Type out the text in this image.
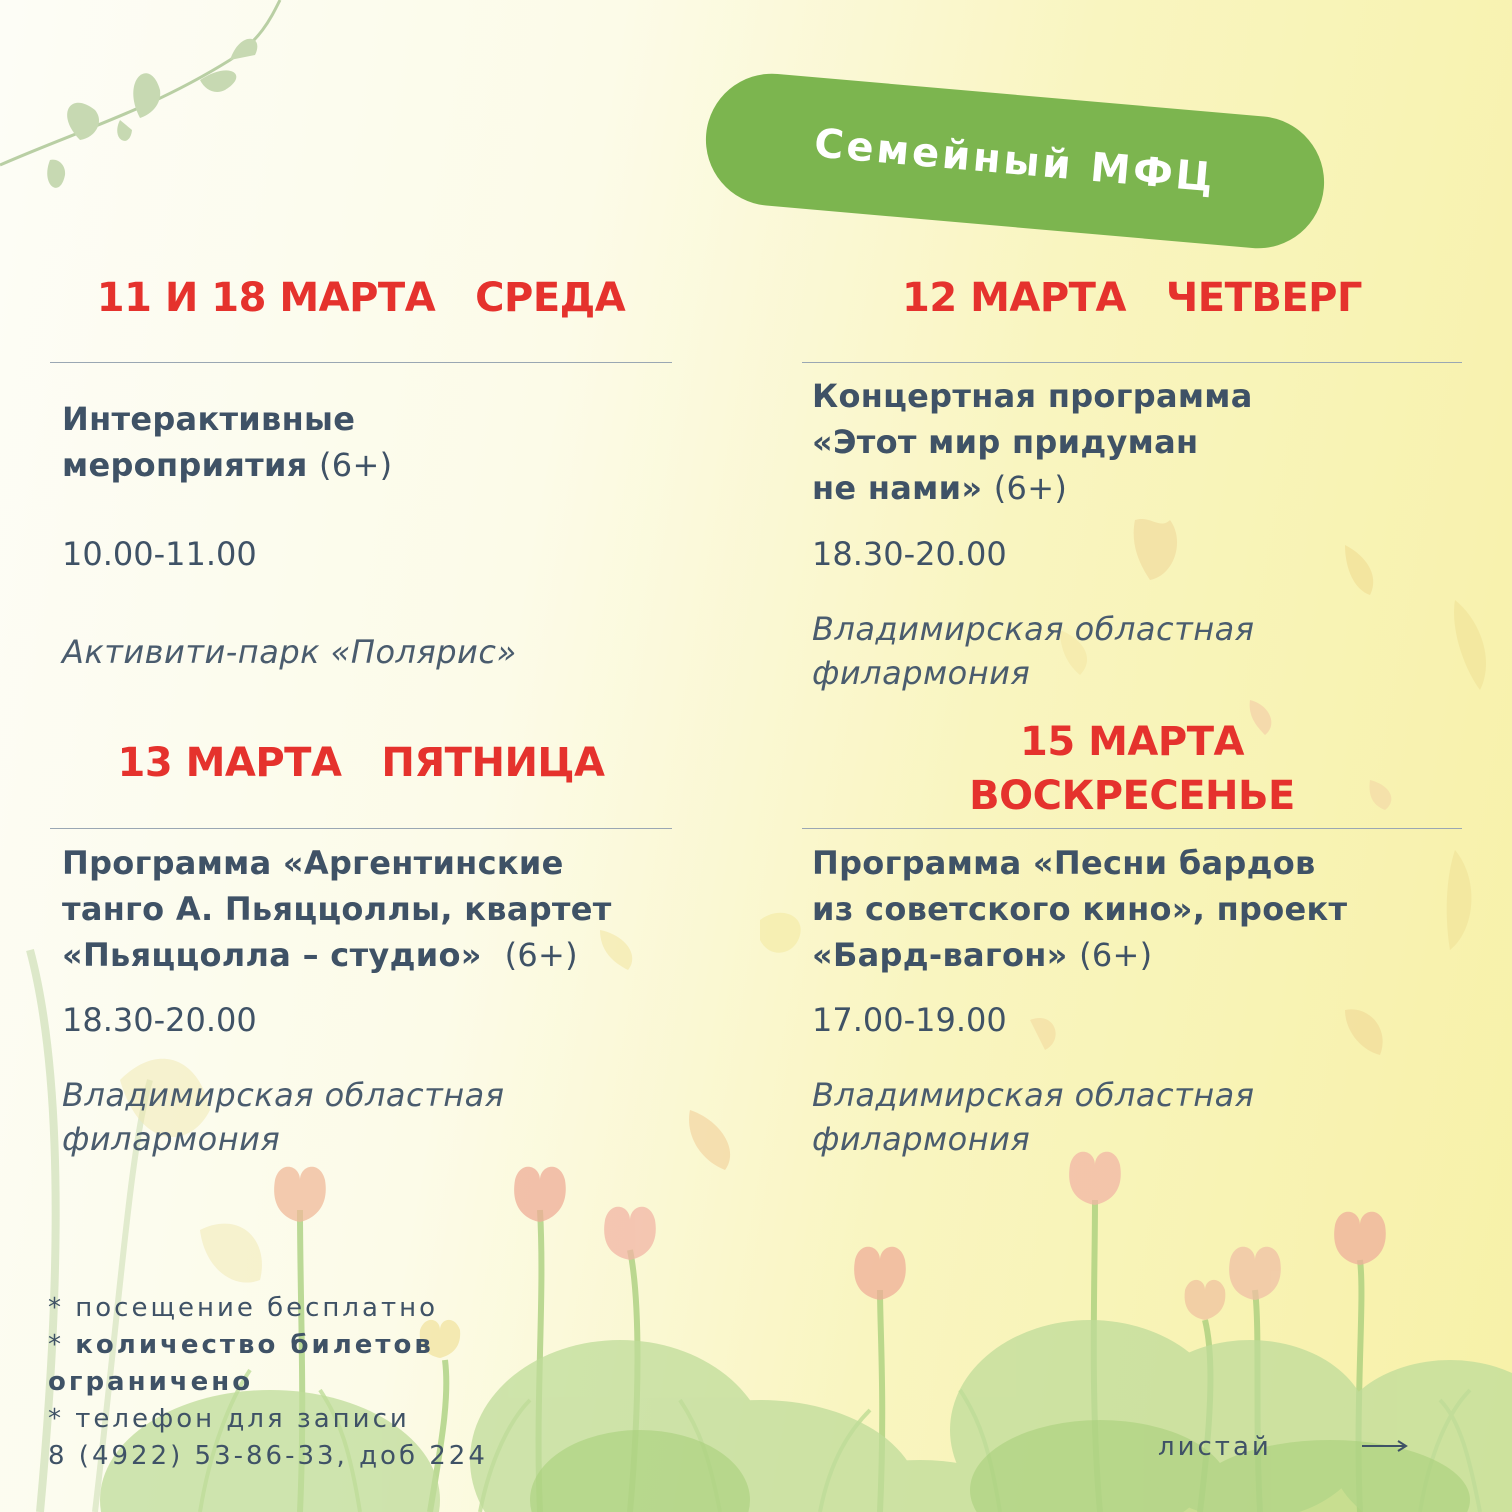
Семейный МФЦ
11 И 18 МАРТА СРЕДА
Интерактивные
мероприятия (6+)
10.00-11.00
Активити-парк «Полярис»
12 МАРТА ЧЕТВЕРГ
Концертная программа
«Этот мир придуман
не нами» (6+)
18.30-20.00
Владимирская областная
филармония
13 МАРТА ПЯТНИЦА
Программа «Аргентинские
танго А. Пьяццоллы, квартет
«Пьяццолла – студио» (6+)
18.30-20.00
Владимирская областная
филармония
15 МАРТА
ВОСКРЕСЕНЬЕ
Программа «Песни бардов
из советского кино», проект
«Бард-вагон» (6+)
17.00-19.00
Владимирская областная
филармония
* посещение бесплатно
* количество билетов
ограничено
* телефон для записи
8 (4922) 53-86-33, доб 224	листай
